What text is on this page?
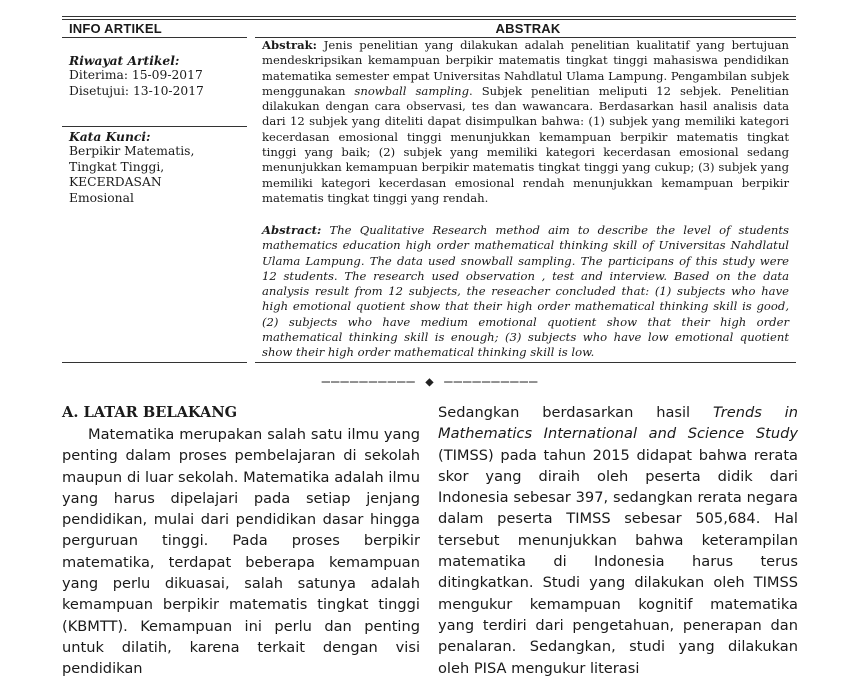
INFO ARTIKEL	ABSTRAK
Riwayat Artikel:
Diterima: 15-09-2017
Disetujui: 13-10-2017
Kata Kunci:
Berpikir Matematis,
Tingkat Tinggi,
KECERDASAN
Emosional

Abstrak: Jenis penelitian yang dilakukan adalah penelitian kualitatif yang bertujuan mendeskripsikan kemampuan berpikir matematis tingkat tinggi mahasiswa pendidikan matematika semester empat Universitas Nahdlatul Ulama Lampung. Pengambilan subjek menggunakan snowball sampling. Subjek penelitian meliputi 12 sebjek. Penelitian dilakukan dengan cara observasi, tes dan wawancara. Berdasarkan hasil analisis data dari 12 subjek yang diteliti dapat disimpulkan bahwa: (1) subjek yang memiliki kategori kecerdasan emosional tinggi menunjukkan kemampuan berpikir matematis tingkat tinggi yang baik; (2) subjek yang memiliki kategori kecerdasan emosional sedang menunjukkan kemampuan berpikir matematis tingkat tinggi yang cukup; (3) subjek yang memiliki kategori kecerdasan emosional rendah menunjukkan kemampuan berpikir matematis tingkat tinggi yang rendah.

Abstract: The Qualitative Research method aim to describe the level of students mathematics education high order mathematical thinking skill of Universitas Nahdlatul Ulama Lampung. The data used snowball sampling. The participans of this study were 12 students. The research used observation , test and interview. Based on the data analysis result from 12 subjects, the reseacher concluded that: (1) subjects who have high emotional quotient show that their high order mathematical thinking skill is good, (2) subjects who have medium emotional quotient show that their high order mathematical thinking skill is enough; (3) subjects who have low emotional quotient show their high order mathematical thinking skill is low.

―――――――――― ◆ ――――――――――
A. LATAR BELAKANG

Matematika merupakan salah satu ilmu yang penting dalam proses pembelajaran di sekolah maupun di luar sekolah. Matematika adalah ilmu yang harus dipelajari pada setiap jenjang pendidikan, mulai dari pendidikan dasar hingga perguruan tinggi. Pada proses berpikir matematika, terdapat beberapa kemampuan yang perlu dikuasai, salah satunya adalah kemampuan berpikir matematis tingkat tinggi (KBMTT). Kemampuan ini perlu dan penting untuk dilatih, karena terkait dengan visi pendidikan

Sedangkan berdasarkan hasil Trends in Mathematics International and Science Study (TIMSS) pada tahun 2015 didapat bahwa rerata skor yang diraih oleh peserta didik dari Indonesia sebesar 397, sedangkan rerata negara dalam peserta TIMSS sebesar 505,684. Hal tersebut menunjukkan bahwa keterampilan matematika di Indonesia harus terus ditingkatkan. Studi yang dilakukan oleh TIMSS mengukur kemampuan kognitif matematika yang terdiri dari pengetahuan, penerapan dan penalaran. Sedangkan, studi yang dilakukan oleh PISA mengukur literasi
